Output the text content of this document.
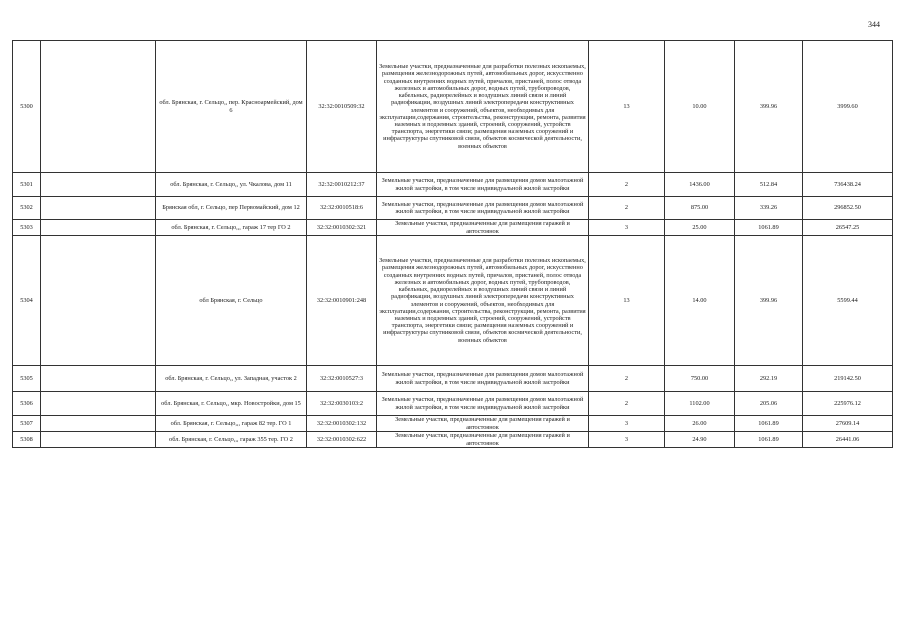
344
5300		обл. Брянская, г. Сельцо,, пер. Красноармейский, дом 6	32:32:0010509:32	Земельные участки, предназначенные для разработки полезных ископаемых, размещения железнодорожных путей, автомобильных дорог, искусственно созданных внутренних водных путей, причалов, пристаней, полос отвода железных и автомобильных дорог, водных путей, трубопроводов, кабельных, радиорелейных и воздушных линий связи и линий радиофикации, воздушных линий электропередачи конструктивных элементов и сооружений, объектов, необходимых для эксплуатации,содержания, строительства, реконструкции, ремонта, развития наземных и подземных зданий, строений, сооружений, устройств транспорта, энергетики связи; размещения наземных сооружений и инфраструктуры спутниковой связи, объектов космической деятельности, военных объектов	13	10.00	399.96	3999.60
5301		обл. Брянская, г. Сельцо,, ул. Чкалова, дом 11	32:32:0010212:37	Земельные участки, предназначенные для размещения домов малоэтажной жилой застройки, в том числе индивидуальной жилой застройки	2	1436.00	512.84	736438.24
5302		Брянская обл, г. Сельцо, пер Первомайский, дом 12	32:32:0010518:6	Земельные участки, предназначенные для размещения домов малоэтажной жилой застройки, в том числе индивидуальной жилой застройки	2	875.00	339.26	296852.50
5303		обл. Брянская, г. Сельцо,,, гараж 17 тер ГО 2	32:32:0010302:321	Земельные участки, предназначенные для размещения гаражей и автостоянок	3	25.00	1061.89	26547.25
5304		обл Брянская, г. Сельцо	32:32:0010901:248	Земельные участки, предназначенные для разработки полезных ископаемых, размещения железнодорожных путей, автомобильных дорог, искусственно созданных внутренних водных путей, причалов, пристаней, полос отвода железных и автомобильных дорог, водных путей, трубопроводов, кабельных, радиорелейных и воздушных линий связи и линий радиофикации, воздушных линий электропередачи конструктивных элементов и сооружений, объектов, необходимых для эксплуатации,содержания, строительства, реконструкции, ремонта, развития наземных и подземных зданий, строений, сооружений, устройств транспорта, энергетики связи; размещения наземных сооружений и инфраструктуры спутниковой связи, объектов космической деятельности, военных объектов	13	14.00	399.96	5599.44
5305		обл. Брянская, г. Сельцо,, ул. Западная, участок 2	32:32:0010527:3	Земельные участки, предназначенные для размещения домов малоэтажной жилой застройки, в том числе индивидуальной жилой застройки	2	750.00	292.19	219142.50
5306		обл. Брянская, г. Сельцо,, мкр. Новостройки, дом 15	32:32:0030103:2	Земельные участки, предназначенные для размещения домов малоэтажной жилой застройки, в том числе индивидуальной жилой застройки	2	1102.00	205.06	225976.12
5307		обл. Брянская, г. Сельцо,,, гараж 82 тер. ГО 1	32:32:0010302:132	Земельные участки, предназначенные для размещения гаражей и автостоянок	3	26.00	1061.89	27609.14
5308		обл. Брянская, г. Сельцо,,, гараж 355 тер. ГО 2	32:32:0010302:622	Земельные участки, предназначенные для размещения гаражей и автостоянок	3	24.90	1061.89	26441.06
